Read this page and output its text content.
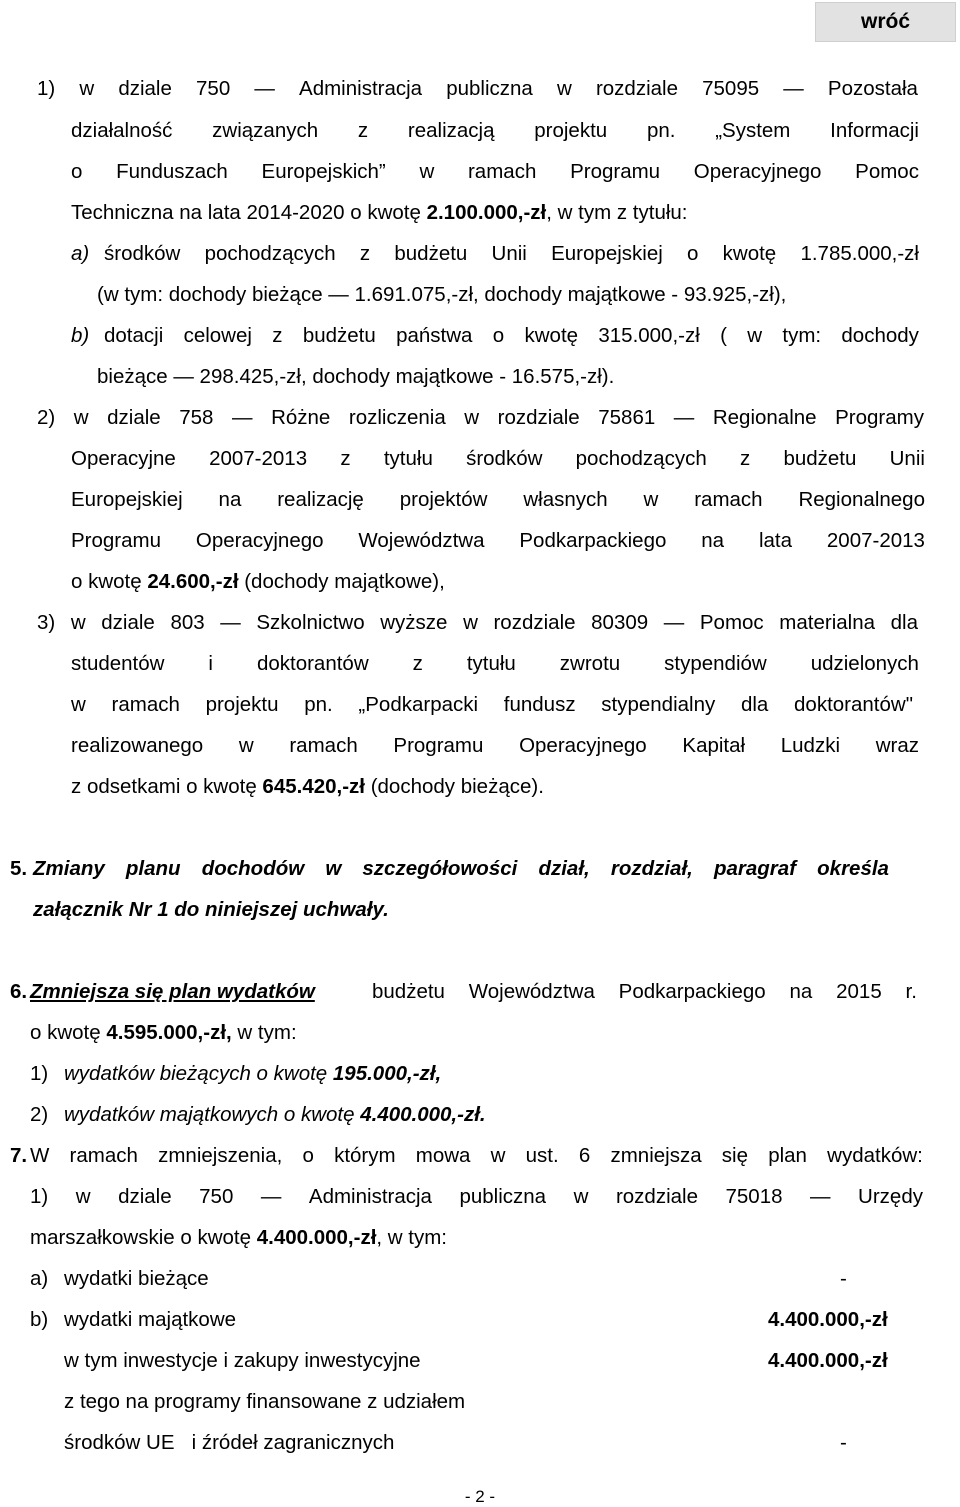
wróć
1) w dziale 750 — Administracja publiczna w rozdziale 75095 — Pozostała
działalność związanych z realizacją projektu pn. „System Informacji
o Funduszach Europejskich” w ramach Programu Operacyjnego Pomoc
Techniczna na lata 2014-2020 o kwotę 2.100.000,-zł, w tym z tytułu:
a) środków pochodzących z budżetu Unii Europejskiej o kwotę 1.785.000,-zł
(w tym: dochody bieżące — 1.691.075,-zł, dochody majątkowe - 93.925,-zł),
b) dotacji celowej z budżetu państwa o kwotę 315.000,-zł ( w tym: dochody
bieżące — 298.425,-zł, dochody majątkowe - 16.575,-zł).
2) w dziale 758 — Różne rozliczenia w rozdziale 75861 — Regionalne Programy
Operacyjne 2007-2013 z tytułu środków pochodzących z budżetu Unii
Europejskiej na realizację projektów własnych w ramach Regionalnego
Programu Operacyjnego Województwa Podkarpackiego na lata 2007-2013
o kwotę 24.600,-zł (dochody majątkowe),
3) w dziale 803 — Szkolnictwo wyższe w rozdziale 80309 — Pomoc materialna dla
studentów i doktorantów z tytułu zwrotu stypendiów udzielonych
w ramach projektu pn. „Podkarpacki fundusz stypendialny dla doktorantów"
realizowanego w ramach Programu Operacyjnego Kapitał Ludzki wraz
z odsetkami o kwotę 645.420,-zł (dochody bieżące).
5. Zmiany planu dochodów w szczegółowości dział, rozdział, paragraf określa
załącznik Nr 1 do niniejszej uchwały.
6. Zmniejsza się plan wydatków	budżetu Województwa Podkarpackiego na 2015 r.
o kwotę 4.595.000,-zł, w tym:
1) wydatków bieżących o kwotę 195.000,-zł,
2) wydatków majątkowych o kwotę 4.400.000,-zł.
7. W ramach zmniejszenia, o którym mowa w ust. 6 zmniejsza się plan wydatków:
1) w dziale 750 — Administracja publiczna w rozdziale 75018 — Urzędy
marszałkowskie o kwotę 4.400.000,-zł, w tym:
a) wydatki bieżące	-
b) wydatki majątkowe	4.400.000,-zł
w tym inwestycje i zakupy inwestycyjne	4.400.000,-zł
z tego na programy finansowane z udziałem
środków UE   i źródeł zagranicznych	-
- 2 -
